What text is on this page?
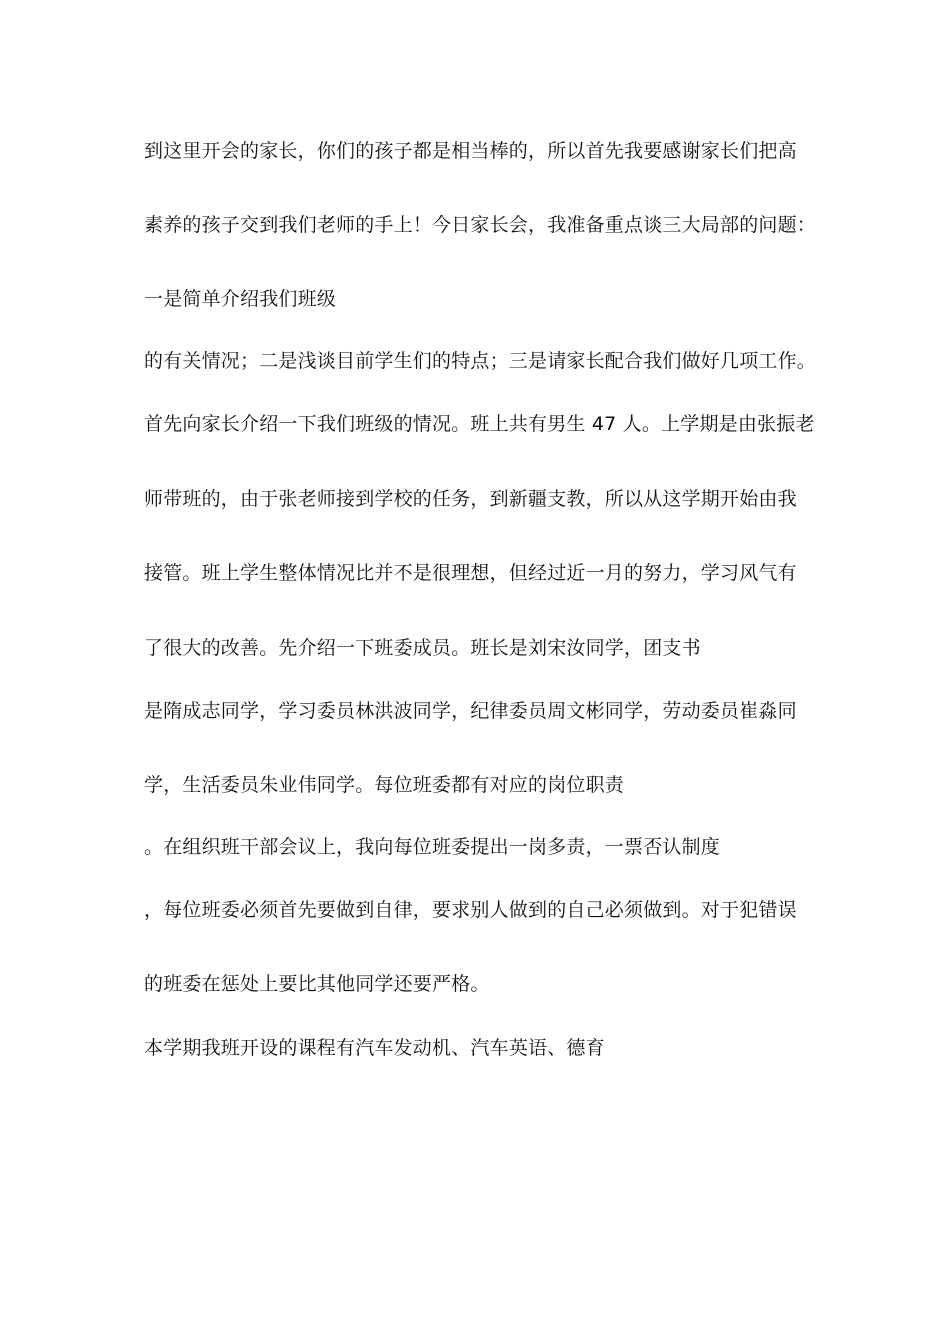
到这里开会的家长，你们的孩子都是相当棒的，所以首先我要感谢家长们把高

素养的孩子交到我们老师的手上！今日家长会，我准备重点谈三大局部的问题：

一是简单介绍我们班级

的有关情况；二是浅谈目前学生们的特点；三是请家长配合我们做好几项工作。

首先向家长介绍一下我们班级的情况。班上共有男生 47 人。上学期是由张振老

师带班的，由于张老师接到学校的任务，到新疆支教，所以从这学期开始由我

接管。班上学生整体情况比并不是很理想，但经过近一月的努力，学习风气有

了很大的改善。先介绍一下班委成员。班长是刘宋汝同学，团支书

是隋成志同学，学习委员林洪波同学，纪律委员周文彬同学，劳动委员崔淼同

学，生活委员朱业伟同学。每位班委都有对应的岗位职责

。在组织班干部会议上，我向每位班委提出一岗多责，一票否认制度

，每位班委必须首先要做到自律，要求别人做到的自己必须做到。对于犯错误

的班委在惩处上要比其他同学还要严格。

本学期我班开设的课程有汽车发动机、汽车英语、德育
